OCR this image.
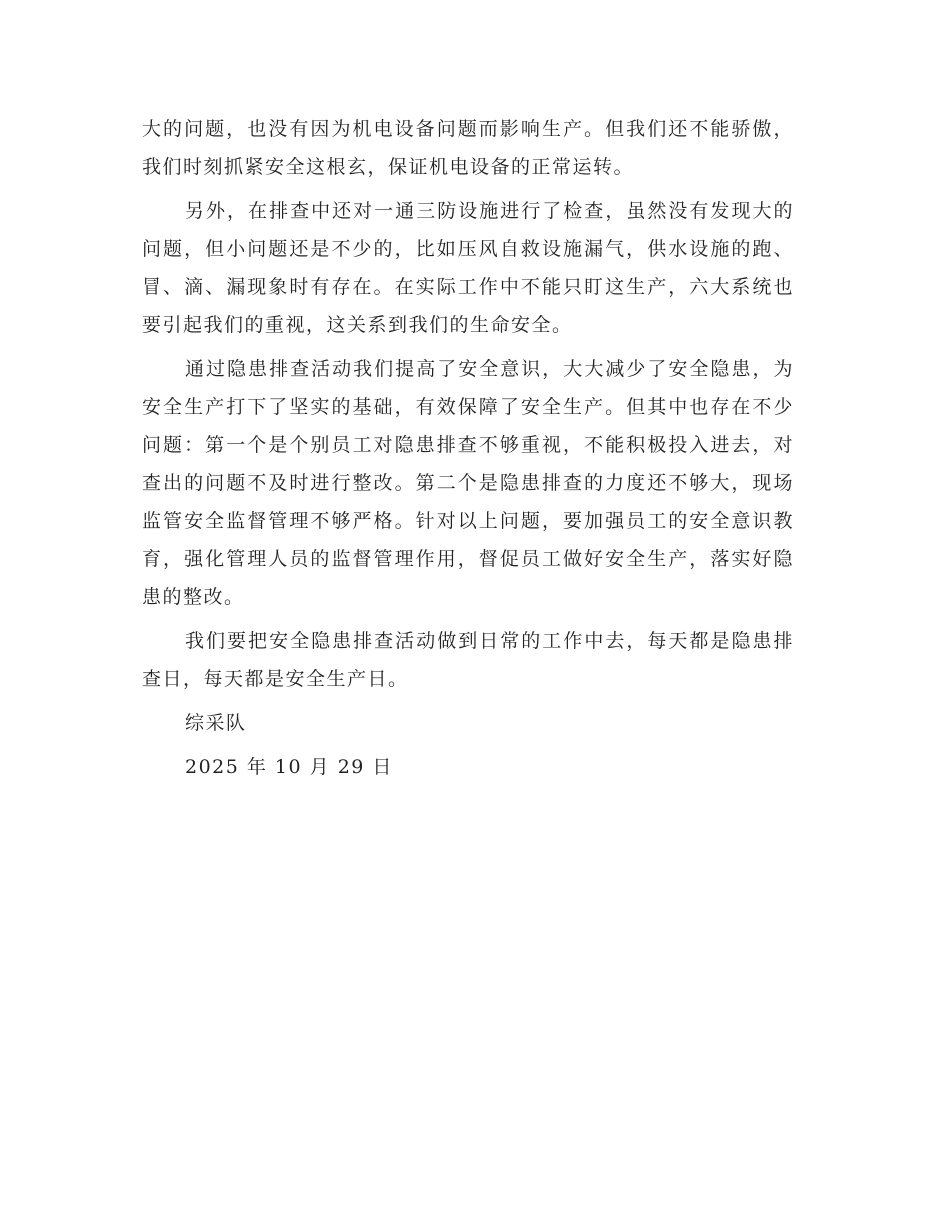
大的问题，也没有因为机电设备问题而影响生产。但我们还不能骄傲，我们时刻抓紧安全这根玄，保证机电设备的正常运转。

另外，在排查中还对一通三防设施进行了检查，虽然没有发现大的问题，但小问题还是不少的，比如压风自救设施漏气，供水设施的跑、冒、滴、漏现象时有存在。在实际工作中不能只盯这生产，六大系统也要引起我们的重视，这关系到我们的生命安全。

通过隐患排查活动我们提高了安全意识，大大减少了安全隐患，为安全生产打下了坚实的基础，有效保障了安全生产。但其中也存在不少问题：第一个是个别员工对隐患排查不够重视，不能积极投入进去，对查出的问题不及时进行整改。第二个是隐患排查的力度还不够大，现场监管安全监督管理不够严格。针对以上问题，要加强员工的安全意识教育，强化管理人员的监督管理作用，督促员工做好安全生产，落实好隐患的整改。

我们要把安全隐患排查活动做到日常的工作中去，每天都是隐患排查日，每天都是安全生产日。

综采队

2025 年 10 月 29 日
